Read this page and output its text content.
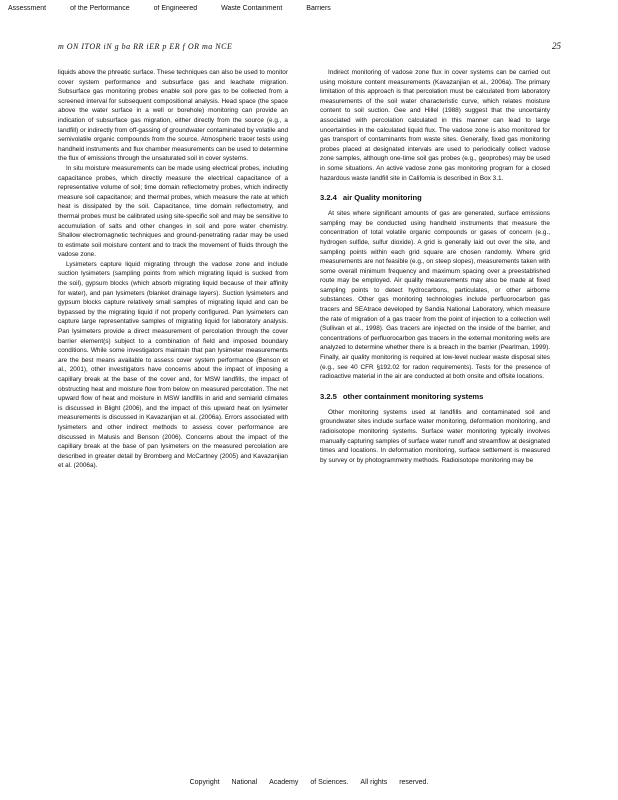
Assessment	of the Performance	of Engineered	Waste Containment	Barriers
m ON ITOR iN g ba RR iER p ER f OR ma NCE	25

liquids above the phreatic surface. These techniques can also be used to monitor cover system performance and subsurface gas and leachate migration. Subsurface gas monitoring probes enable soil pore gas to be collected from a screened interval for subsequent compositional analysis. Head space (the space above the water surface in a well or borehole) monitoring can provide an indication of subsurface gas migration, either directly from the source (e.g., a landfill) or indirectly from off-gassing of groundwater contaminated by volatile and semivolatile organic compounds from the source. Atmospheric tracer tests using handheld instruments and flux chamber measurements can be used to determine the flux of emissions through the unsaturated soil in cover systems.

In situ moisture measurements can be made using electrical probes, including capacitance probes, which directly measure the electrical capacitance of a representative volume of soil; time domain reflectometry probes, which indirectly measure soil capacitance; and thermal probes, which measure the rate at which heat is dissipated by the soil. Capacitance, time domain reflectometry, and thermal probes must be calibrated using site-specific soil and may be sensitive to accumulation of salts and other changes in soil and pore water chemistry. Shallow electromagnetic techniques and ground-penetrating radar may be used to estimate soil moisture content and to track the movement of fluids through the vadose zone.

Lysimeters capture liquid migrating through the vadose zone and include suction lysimeters (sampling points from which migrating liquid is sucked from the soil), gypsum blocks (which absorb migrating liquid because of their affinity for water), and pan lysimeters (blanket drainage layers). Suction lysimeters and gypsum blocks capture relatively small samples of migrating liquid and can be bypassed by the migrating liquid if not properly configured. Pan lysimeters can capture large representative samples of migrating liquid for laboratory analysis. Pan lysimeters provide a direct measurement of percolation through the cover barrier element(s) subject to a combination of field and imposed boundary conditions. While some investigators maintain that pan lysimeter measurements are the best means available to assess cover system performance (Benson et al., 2001), other investigators have concerns about the impact of imposing a capillary break at the base of the cover and, for MSW landfills, the impact of obstructing heat and moisture flow from below on measured percolation. The net upward flow of heat and moisture in MSW landfills in arid and semiarid climates is discussed in Blight (2006), and the impact of this upward heat on lysimeter measurements is discussed in Kavazanjian et al. (2006a). Errors associated with lysimeters and other indirect methods to assess cover performance are discussed in Malusis and Benson (2006). Concerns about the impact of the capillary break at the base of pan lysimeters on the measured percolation are described in greater detail by Bromberg and McCartney (2005) and Kavazanjian et al. (2006a).

Indirect monitoring of vadose zone flux in cover systems can be carried out using moisture content measurements (Kavazanjian et al., 2006a). The primary limitation of this approach is that percolation must be calculated from laboratory measurements of the soil water characteristic curve, which relates moisture content to soil suction. Gee and Hillel (1988) suggest that the uncertainty associated with percolation calculated in this manner can lead to large uncertainties in the calculated liquid flux. The vadose zone is also monitored for gas transport of contaminants from waste sites. Generally, fixed gas monitoring probes placed at designated intervals are used to periodically collect vadose zone samples, although one-time soil gas probes (e.g., geoprobes) may be used in some situations. An active vadose zone gas monitoring program for a closed hazardous waste landfill site in California is described in Box 3.1.

3.2.4 air Quality monitoring

At sites where significant amounts of gas are generated, surface emissions sampling may be conducted using handheld instruments that measure the concentration of total volatile organic compounds or gases of concern (e.g., hydrogen sulfide, sulfur dioxide). A grid is generally laid out over the site, and sampling points within each grid square are chosen randomly. Where grid measurements are not feasible (e.g., on steep slopes), measurements taken with some overall minimum frequency and maximum spacing over a preestablished route may be employed. Air quality measurements may also be made at fixed sampling points to detect hydrocarbons, particulates, or other airborne substances. Other gas monitoring technologies include perfluorocarbon gas tracers and SEAtrace developed by Sandia National Laboratory, which measure the rate of migration of a gas tracer from the point of injection to a collection well (Sullivan et al., 1998). Gas tracers are injected on the inside of the barrier, and concentrations of perfluorocarbon gas tracers in the external monitoring wells are analyzed to determine whether there is a breach in the barrier (Pearlman, 1999). Finally, air quality monitoring is required at low-level nuclear waste disposal sites (e.g., see 40 CFR §192.02 for radon requirements). Tests for the presence of radioactive material in the air are conducted at both onsite and offsite locations.

3.2.5 other containment monitoring systems

Other monitoring systems used at landfills and contaminated soil and groundwater sites include surface water monitoring, deformation monitoring, and radioisotope monitoring systems. Surface water monitoring typically involves manually capturing samples of surface water runoff and streamflow at designated times and locations. In deformation monitoring, surface settlement is measured by survey or by photogrammetry methods. Radioisotope monitoring may be

Copyright National Academy of Sciences. All rights reserved.
